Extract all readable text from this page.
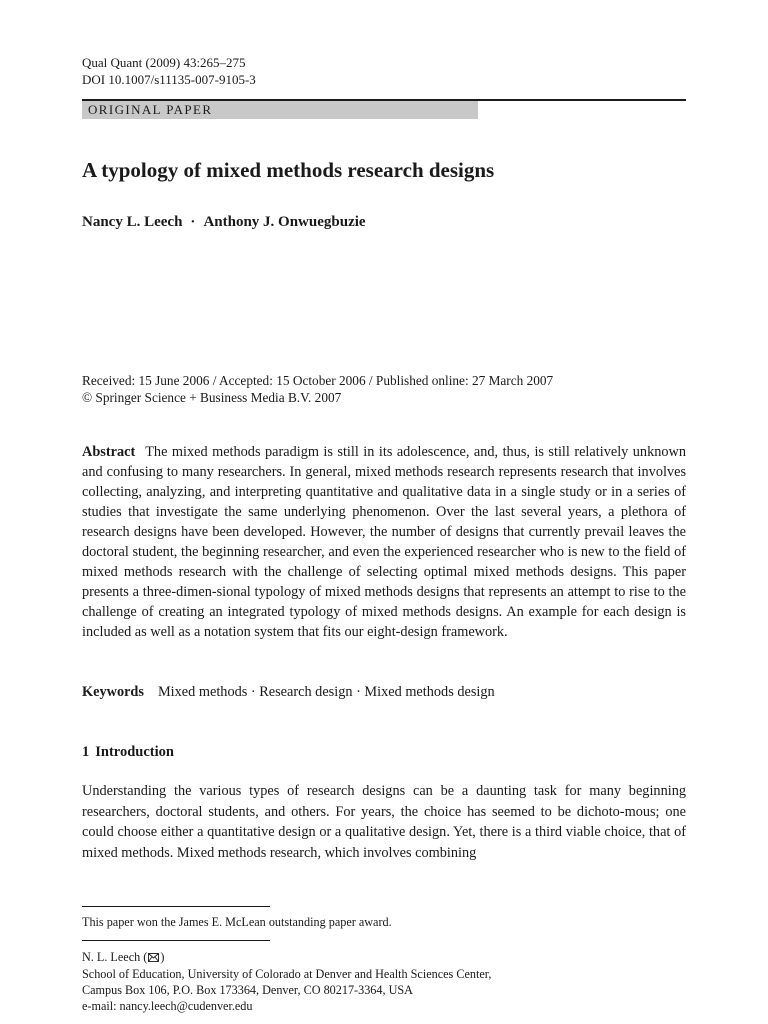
Qual Quant (2009) 43:265–275
DOI 10.1007/s11135-007-9105-3
ORIGINAL PAPER
A typology of mixed methods research designs
Nancy L. Leech · Anthony J. Onwuegbuzie
Received: 15 June 2006 / Accepted: 15 October 2006 / Published online: 27 March 2007
© Springer Science + Business Media B.V. 2007
Abstract The mixed methods paradigm is still in its adolescence, and, thus, is still relatively unknown and confusing to many researchers. In general, mixed methods research represents research that involves collecting, analyzing, and interpreting quantitative and qualitative data in a single study or in a series of studies that investigate the same underlying phenomenon. Over the last several years, a plethora of research designs have been developed. However, the number of designs that currently prevail leaves the doctoral student, the beginning researcher, and even the experienced researcher who is new to the field of mixed methods research with the challenge of selecting optimal mixed methods designs. This paper presents a three-dimen-sional typology of mixed methods designs that represents an attempt to rise to the challenge of creating an integrated typology of mixed methods designs. An example for each design is included as well as a notation system that fits our eight-design framework.
Keywords Mixed methods · Research design · Mixed methods design
1 Introduction
Understanding the various types of research designs can be a daunting task for many beginning researchers, doctoral students, and others. For years, the choice has seemed to be dichoto-mous; one could choose either a quantitative design or a qualitative design. Yet, there is a third viable choice, that of mixed methods. Mixed methods research, which involves combining
This paper won the James E. McLean outstanding paper award.
N. L. Leech ( )
School of Education, University of Colorado at Denver and Health Sciences Center,
Campus Box 106, P.O. Box 173364, Denver, CO 80217-3364, USA
e-mail: nancy.leech@cudenver.edu
